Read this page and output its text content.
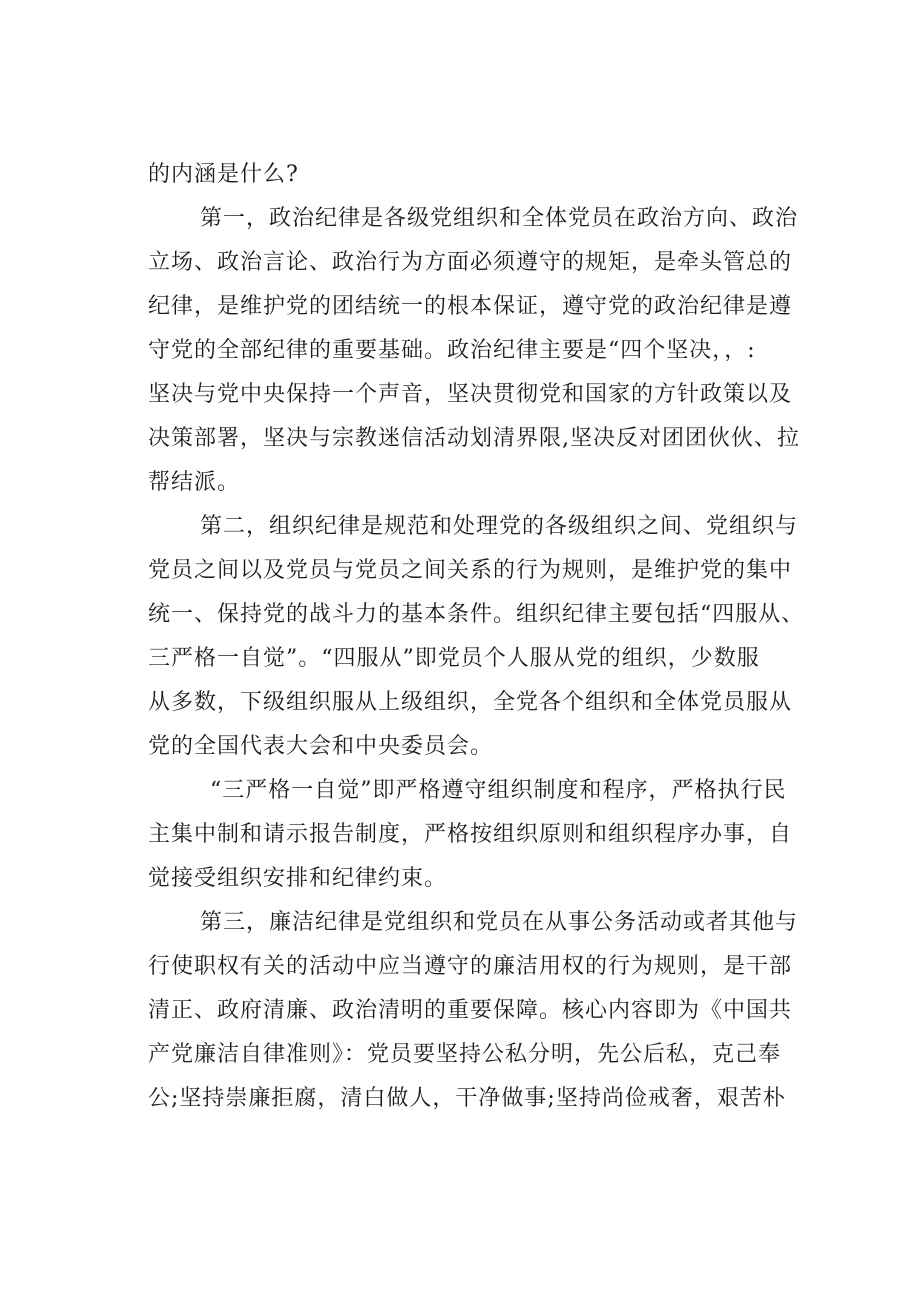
的内涵是什么?
第一，政治纪律是各级党组织和全体党员在政治方向、政治
立场、政治言论、政治行为方面必须遵守的规矩，是牵头管总的
纪律，是维护党的团结统一的根本保证，遵守党的政治纪律是遵
守党的全部纪律的重要基础。政治纪律主要是“四个坚决，，:
坚决与党中央保持一个声音，坚决贯彻党和国家的方针政策以及
决策部署，坚决与宗教迷信活动划清界限,坚决反对团团伙伙、拉
帮结派。
第二，组织纪律是规范和处理党的各级组织之间、党组织与
党员之间以及党员与党员之间关系的行为规则，是维护党的集中
统一、保持党的战斗力的基本条件。组织纪律主要包括“四服从、
三严格一自觉”。“四服从”即党员个人服从党的组织，少数服
从多数，下级组织服从上级组织，全党各个组织和全体党员服从
党的全国代表大会和中央委员会。
“三严格一自觉”即严格遵守组织制度和程序，严格执行民
主集中制和请示报告制度，严格按组织原则和组织程序办事，自
觉接受组织安排和纪律约束。
第三，廉洁纪律是党组织和党员在从事公务活动或者其他与
行使职权有关的活动中应当遵守的廉洁用权的行为规则，是干部
清正、政府清廉、政治清明的重要保障。核心内容即为《中国共
产党廉洁自律准则》：党员要坚持公私分明，先公后私，克己奉
公;坚持崇廉拒腐，清白做人，干净做事;坚持尚俭戒奢，艰苦朴
